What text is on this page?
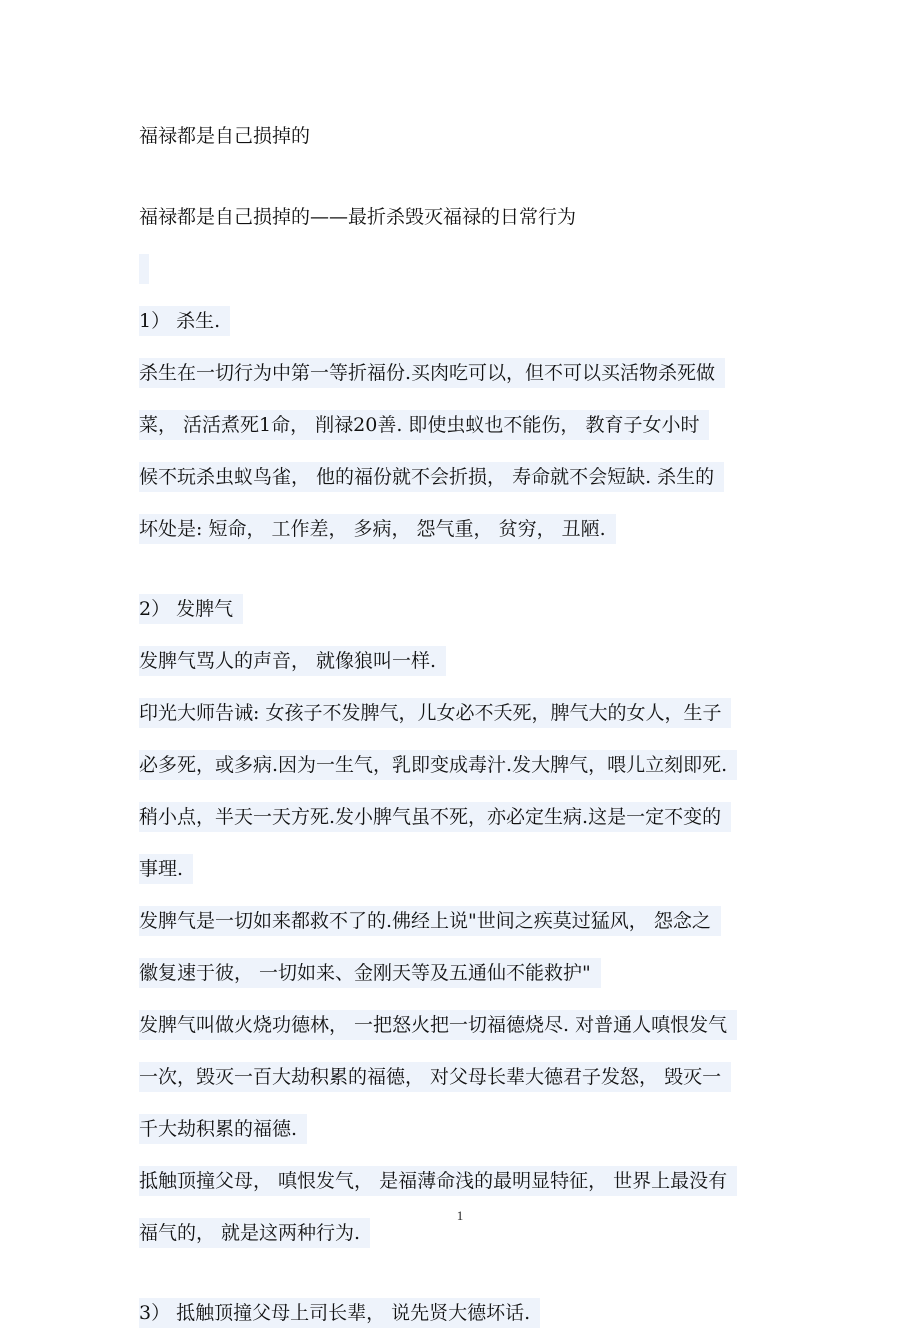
福禄都是自己损掉的

福禄都是自己损掉的——最折杀毁灭福禄的日常行为

1） 杀生.

杀生在一切行为中第一等折福份.买肉吃可以，但不可以买活物杀死做
菜， 活活煮死1命， 削禄20善. 即使虫蚁也不能伤， 教育子女小时
候不玩杀虫蚁鸟雀， 他的福份就不会折损， 寿命就不会短缺. 杀生的
坏处是: 短命， 工作差， 多病， 怨气重， 贫穷， 丑陋.

2） 发脾气

发脾气骂人的声音， 就像狼叫一样.

印光大师告诫: 女孩子不发脾气，儿女必不夭死，脾气大的女人，生子
必多死，或多病.因为一生气，乳即变成毒汁.发大脾气，喂儿立刻即死.
稍小点，半天一天方死.发小脾气虽不死，亦必定生病.这是一定不变的
事理.

发脾气是一切如来都救不了的.佛经上说"世间之疾莫过猛风， 怨念之
徽复速于彼， 一切如来、金刚天等及五通仙不能救护"

发脾气叫做火烧功德林， 一把怒火把一切福德烧尽. 对普通人嗔恨发气
一次，毁灭一百大劫积累的福德， 对父母长辈大德君子发怒， 毁灭一
千大劫积累的福德.

抵触顶撞父母， 嗔恨发气， 是福薄命浅的最明显特征， 世界上最没有
福气的， 就是这两种行为.

3） 抵触顶撞父母上司长辈， 说先贤大德坏话.

1
